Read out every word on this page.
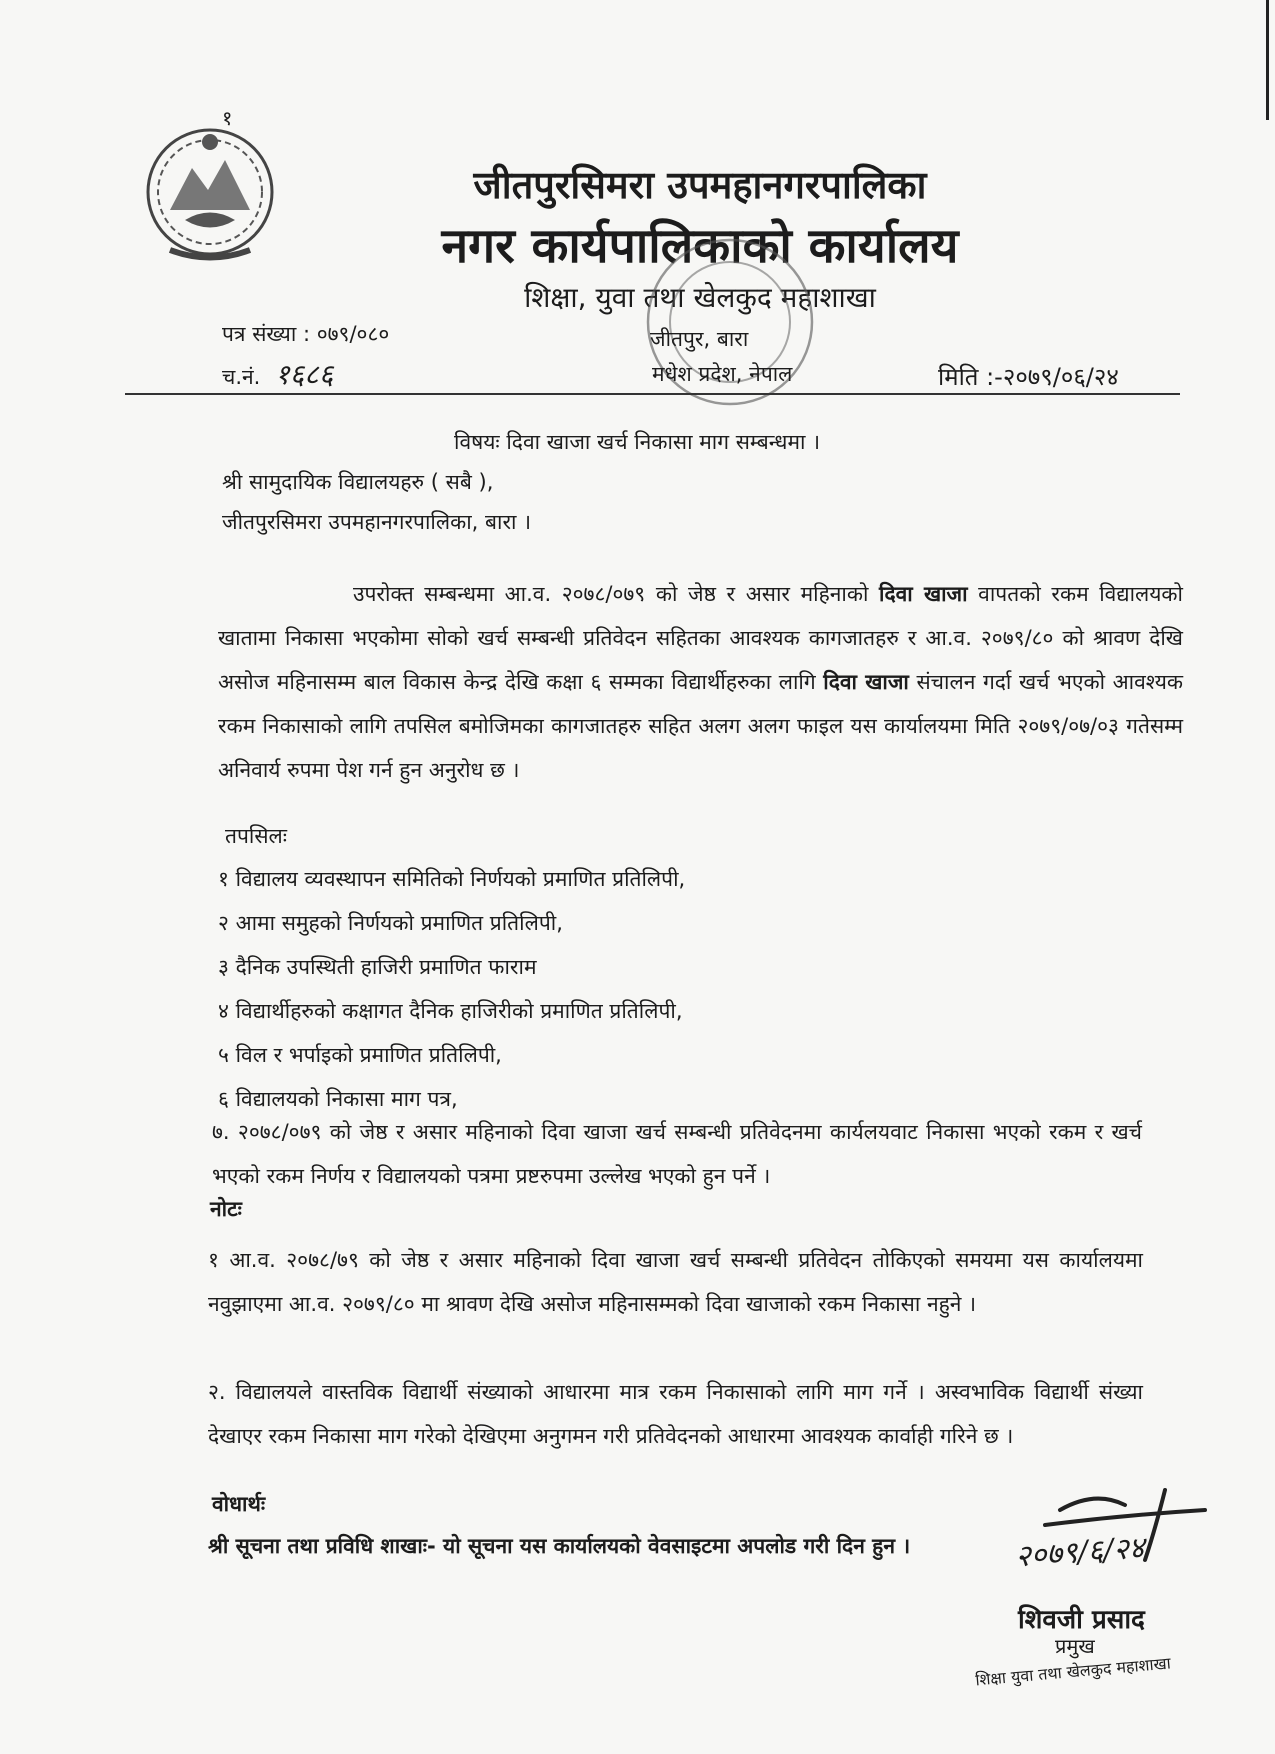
१
जीतपुरसिमरा उपमहानगरपालिका
नगर कार्यपालिकाको कार्यालय
शिक्षा, युवा तथा खेलकुद महाशाखा
पत्र संख्या : ०७९/०८०
च.नं. १६८६
जीतपुर, बारा
मधेश प्रदेश, नेपाल	मिति :-२०७९/०६/२४
विषयः दिवा खाजा खर्च निकासा माग सम्बन्धमा ।
श्री सामुदायिक विद्यालयहरु ( सबै ),
जीतपुरसिमरा उपमहानगरपालिका, बारा ।
उपरोक्त सम्बन्धमा आ.व. २०७८/०७९ को जेष्ठ र असार महिनाको दिवा खाजा वापतको रकम विद्यालयको खातामा निकासा भएकोमा सोको खर्च सम्बन्धी प्रतिवेदन सहितका आवश्यक कागजातहरु र आ.व. २०७९/८० को श्रावण देखि असोज महिनासम्म बाल विकास केन्द्र देखि कक्षा ६ सम्मका विद्यार्थीहरुका लागि दिवा खाजा संचालन गर्दा खर्च भएको आवश्यक रकम निकासाको लागि तपसिल बमोजिमका कागजातहरु सहित अलग अलग फाइल यस कार्यालयमा मिति २०७९/०७/०३ गतेसम्म अनिवार्य रुपमा पेश गर्न हुन अनुरोध छ ।
तपसिलः
१ विद्यालय व्यवस्थापन समितिको निर्णयको प्रमाणित प्रतिलिपी,
२ आमा समुहको निर्णयको प्रमाणित प्रतिलिपी,
३ दैनिक उपस्थिती हाजिरी प्रमाणित फाराम
४ विद्यार्थीहरुको कक्षागत दैनिक हाजिरीको प्रमाणित प्रतिलिपी,
५ विल र भर्पाइको प्रमाणित प्रतिलिपी,
६ विद्यालयको निकासा माग पत्र,
७. २०७८/०७९ को जेष्ठ र असार महिनाको दिवा खाजा खर्च सम्बन्धी प्रतिवेदनमा कार्यलयवाट निकासा भएको रकम र खर्च भएको रकम निर्णय र विद्यालयको पत्रमा प्रष्टरुपमा उल्लेख भएको हुन पर्ने ।
नोटः
१ आ.व. २०७८/७९ को जेष्ठ र असार महिनाको दिवा खाजा खर्च सम्बन्धी प्रतिवेदन तोकिएको समयमा यस कार्यालयमा नवुझाएमा आ.व. २०७९/८० मा श्रावण देखि असोज महिनासम्मको दिवा खाजाको रकम निकासा नहुने ।
२. विद्यालयले वास्तविक विद्यार्थी संख्याको आधारमा मात्र रकम निकासाको लागि माग गर्ने । अस्वभाविक विद्यार्थी संख्या देखाएर रकम निकासा माग गरेको देखिएमा अनुगमन गरी प्रतिवेदनको आधारमा आवश्यक कार्वाही गरिने छ ।
वोधार्थः
श्री सूचना तथा प्रविधि शाखाः- यो सूचना यस कार्यालयको वेवसाइटमा अपलोड गरी दिन हुन ।	२०७९/६/२४
शिवजी प्रसाद
प्रमुख
शिक्षा युवा तथा खेलकुद महाशाखा
